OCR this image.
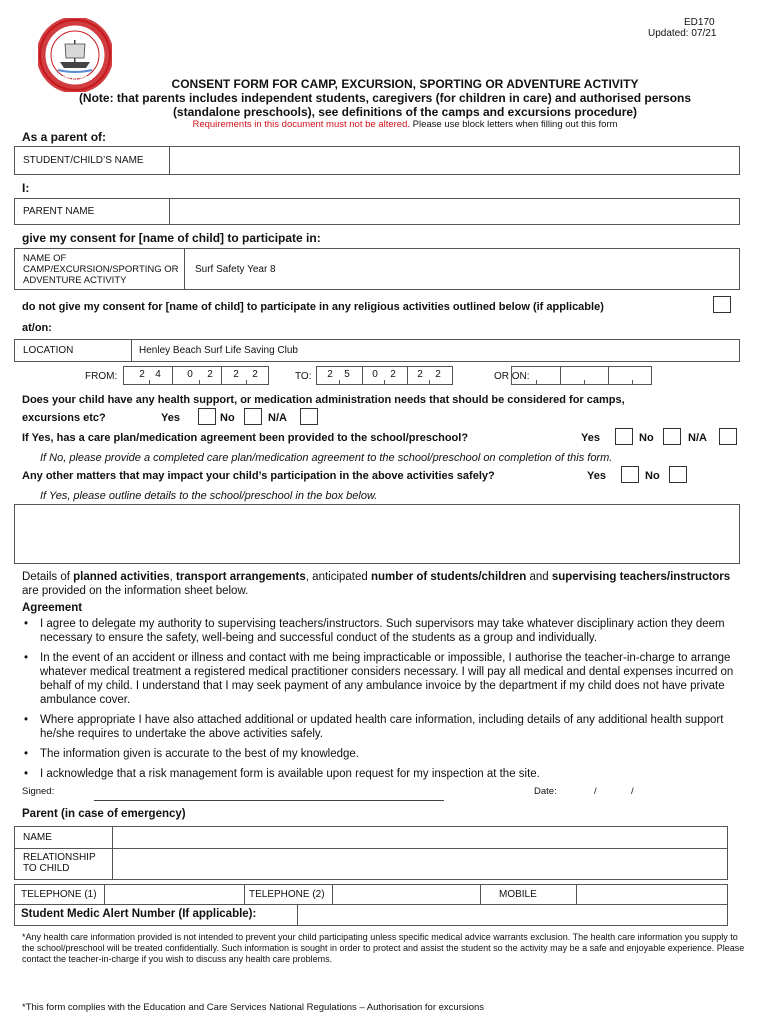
HENLEY HIGH
ED170
Updated: 07/21
CONSENT FORM FOR CAMP, EXCURSION, SPORTING OR ADVENTURE ACTIVITY
(Note: that parents includes independent students, caregivers (for children in care) and authorised persons
(standalone preschools), see definitions of the camps and excursions procedure)
Requirements in this document must not be altered. Please use block letters when filling out this form
As a parent of:
STUDENT/CHILD’S NAME
I:
PARENT NAME
give my consent for [name of child] to participate in:
NAME OF CAMP/EXCURSION/SPORTING OR ADVENTURE ACTIVITY
Surf Safety Year 8
do not give my consent for [name of child] to participate in any religious activities outlined below (if applicable)
at/on:
LOCATION	Henley Beach Surf Life Saving Club
FROM:	2	4	0	2	2	2	TO:	2	5	0	2	2	2	OR ON:
Does your child have any health support, or medication administration needs that should be considered for camps,
excursions etc?	Yes	No	N/A
If Yes, has a care plan/medication agreement been provided to the school/preschool?	Yes	No	N/A
If No, please provide a completed care plan/medication agreement to the school/preschool on completion of this form.
Any other matters that may impact your child’s participation in the above activities safely?	Yes	No
If Yes, please outline details to the school/preschool in the box below.
Details of planned activities, transport arrangements, anticipated number of students/children and supervising teachers/instructors are provided on the information sheet below.
Agreement
• I agree to delegate my authority to supervising teachers/instructors. Such supervisors may take whatever disciplinary action they deem necessary to ensure the safety, well-being and successful conduct of the students as a group and individually.
• In the event of an accident or illness and contact with me being impracticable or impossible, I authorise the teacher-in-charge to arrange whatever medical treatment a registered medical practitioner considers necessary. I will pay all medical and dental expenses incurred on behalf of my child. I understand that I may seek payment of any ambulance invoice by the department if my child does not have private ambulance cover.
• Where appropriate I have also attached additional or updated health care information, including details of any additional health support he/she requires to undertake the above activities safely.
• The information given is accurate to the best of my knowledge.
• I acknowledge that a risk management form is available upon request for my inspection at the site.
Signed:	Date:	/	/
Parent (in case of emergency)
NAME
RELATIONSHIP TO CHILD
TELEPHONE (1)	TELEPHONE (2)	MOBILE
Student Medic Alert Number (If applicable):
*Any health care information provided is not intended to prevent your child participating unless specific medical advice warrants exclusion. The health care information you supply to the school/preschool will be treated confidentially. Such information is sought in order to protect and assist the student so the activity may be a safe and enjoyable experience. Please contact the teacher-in-charge if you wish to discuss any health care problems.
*This form complies with the Education and Care Services National Regulations – Authorisation for excursions
